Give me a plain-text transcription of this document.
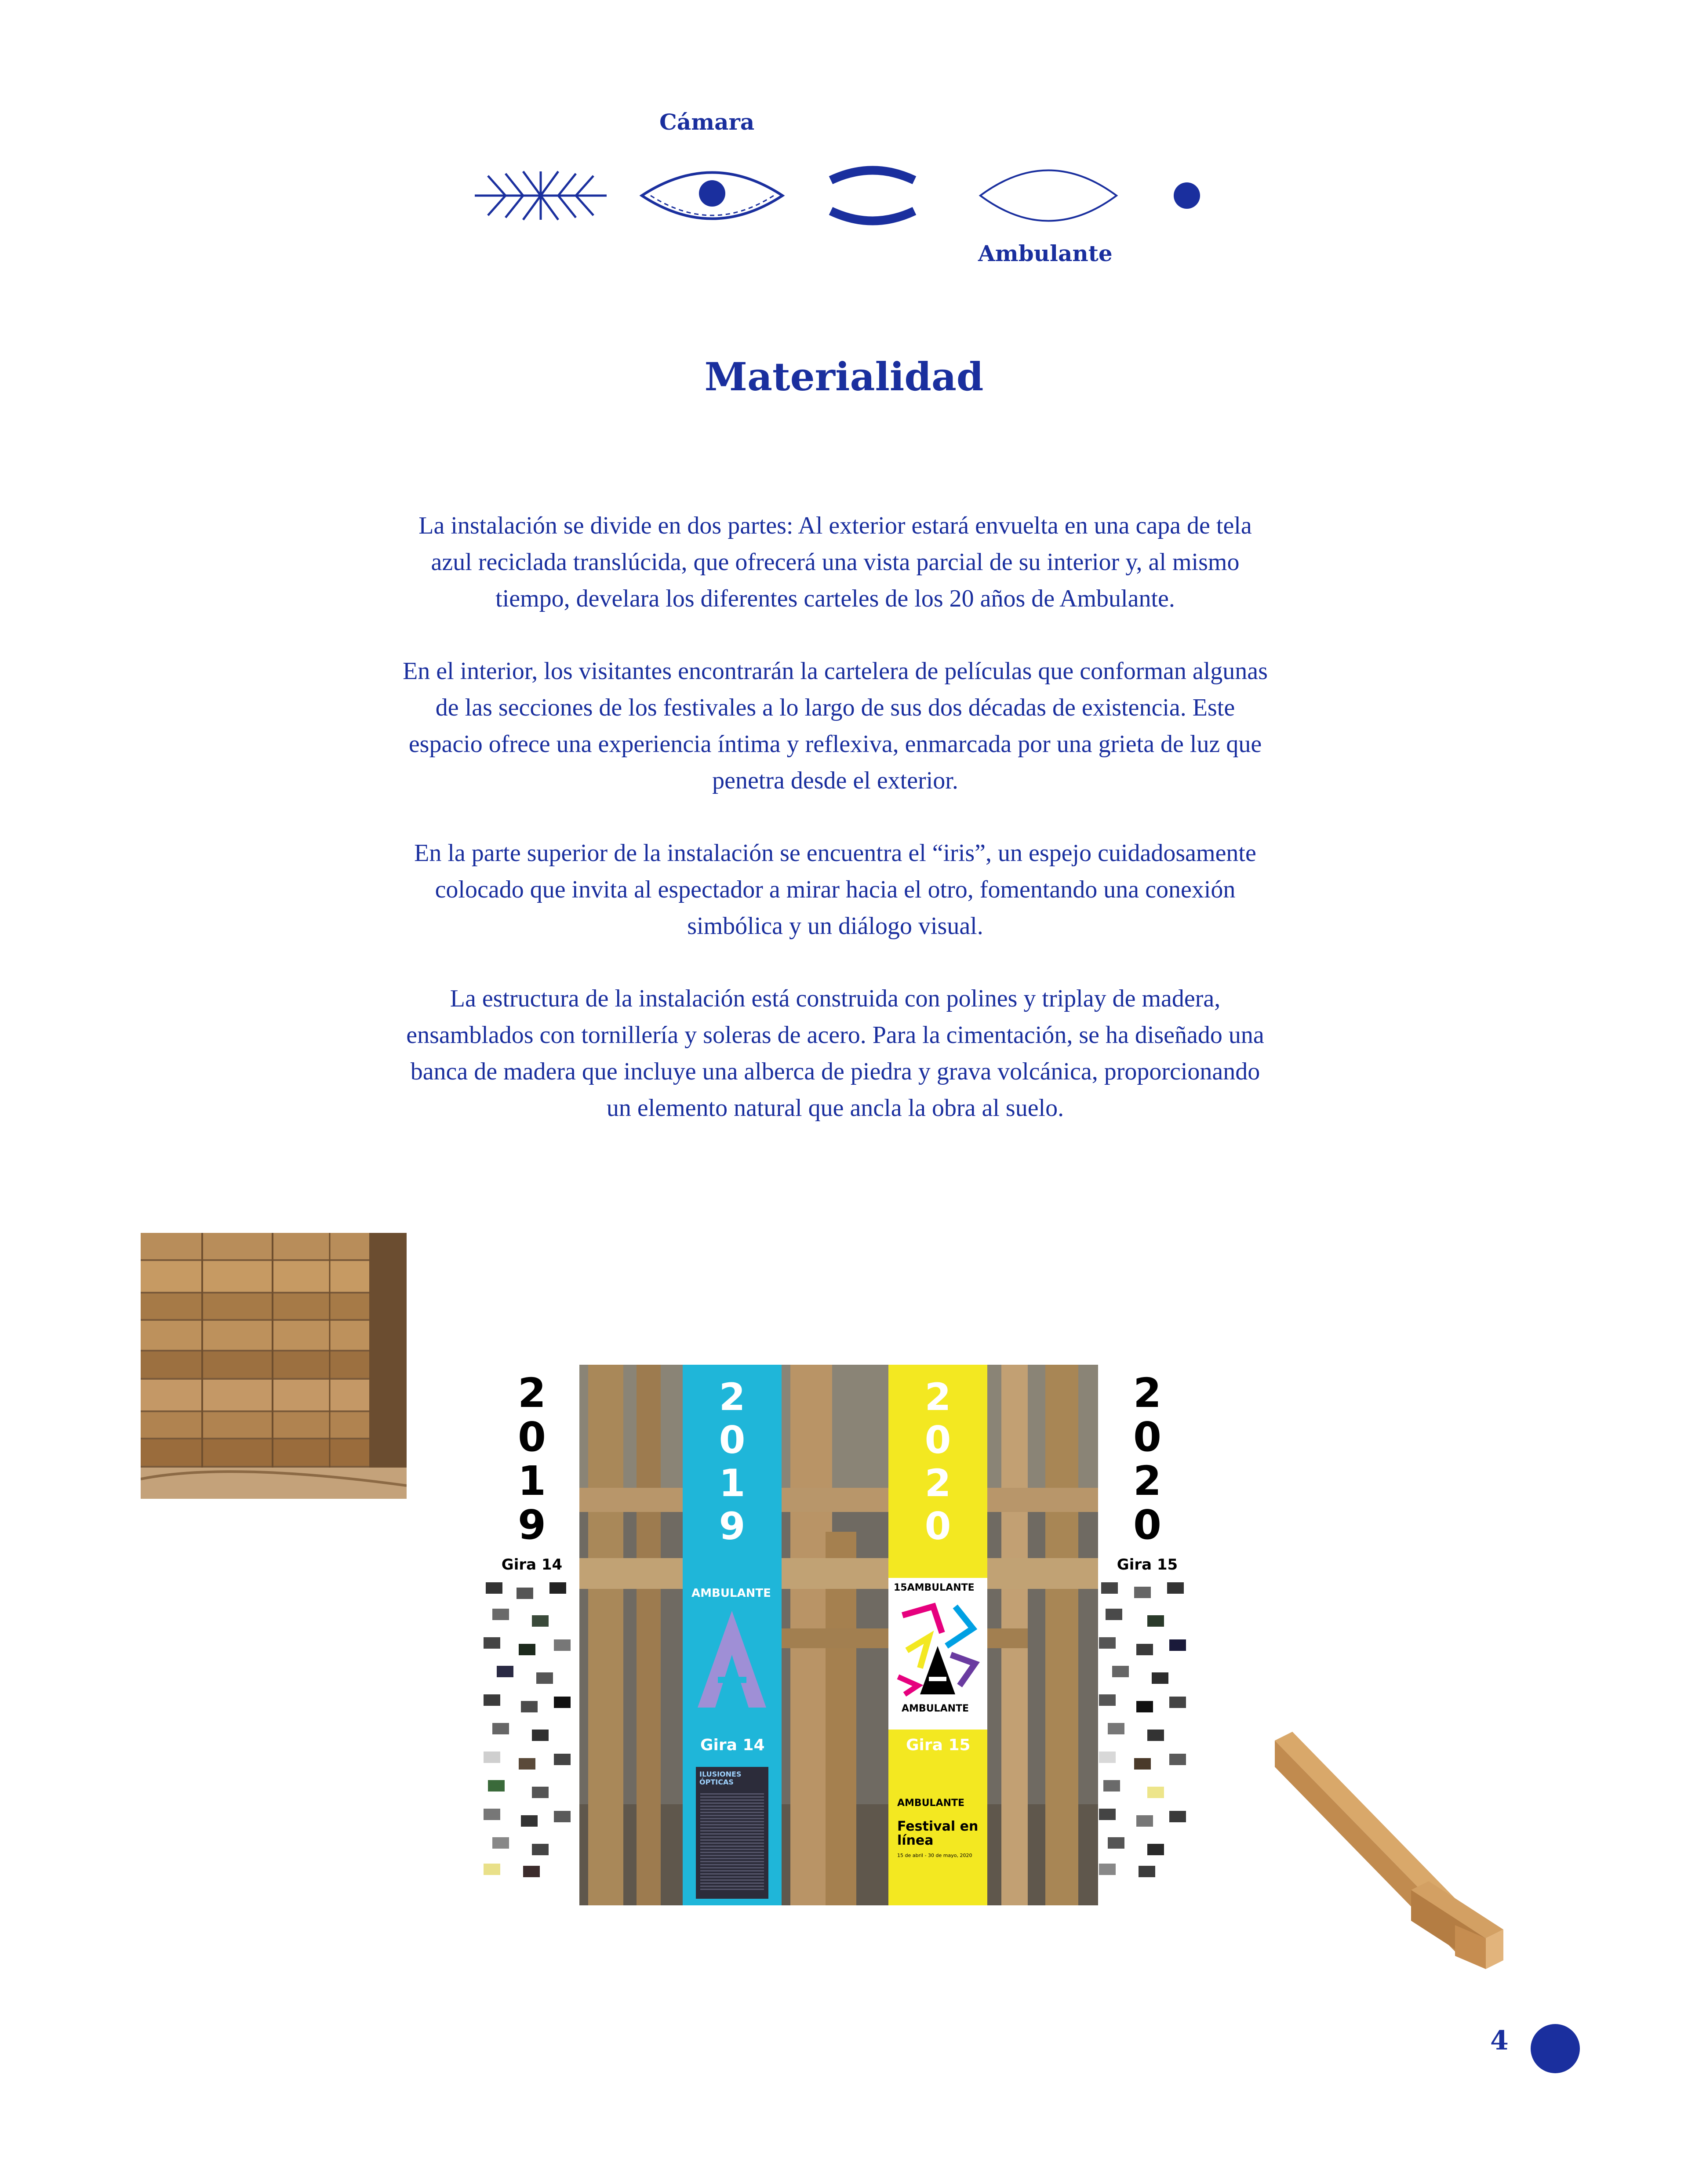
Cámara
Ambulante
Materialidad

La instalación se divide en dos partes: Al exterior estará envuelta en una capa de tela azul reciclada translúcida, que ofrecerá una vista parcial de su interior y, al mismo tiempo, develara los diferentes carteles de los 20 años de Ambulante.

En el interior, los visitantes encontrarán la cartelera de películas que conforman algunas de las secciones de los festivales a lo largo de sus dos décadas de existencia. Este espacio ofrece una experiencia íntima y reflexiva, enmarcada por una grieta de luz que penetra desde el exterior.

En la parte superior de la instalación se encuentra el “iris”, un espejo cuidadosamente colocado que invita al espectador a mirar hacia el otro, fomentando una conexión simbólica y un diálogo visual.

La estructura de la instalación está construida con polines y triplay de madera, ensamblados con tornillería y soleras de acero. Para la cimentación, se ha diseñado una banca de madera que incluye una alberca de piedra y grava volcánica, proporcionando un elemento natural que ancla la obra al suelo.

2
0
1
9
Gira 14
2
0
2
0
Gira 15
2
0
1
9
AMBULANTE
Gira 14
ILUSIONES ÓPTICAS
2
0
2
0
15AMBULANTE
AMBULANTE
Gira 15
AMBULANTE
Festival en línea
15 de abril - 30 de mayo, 2020
4
